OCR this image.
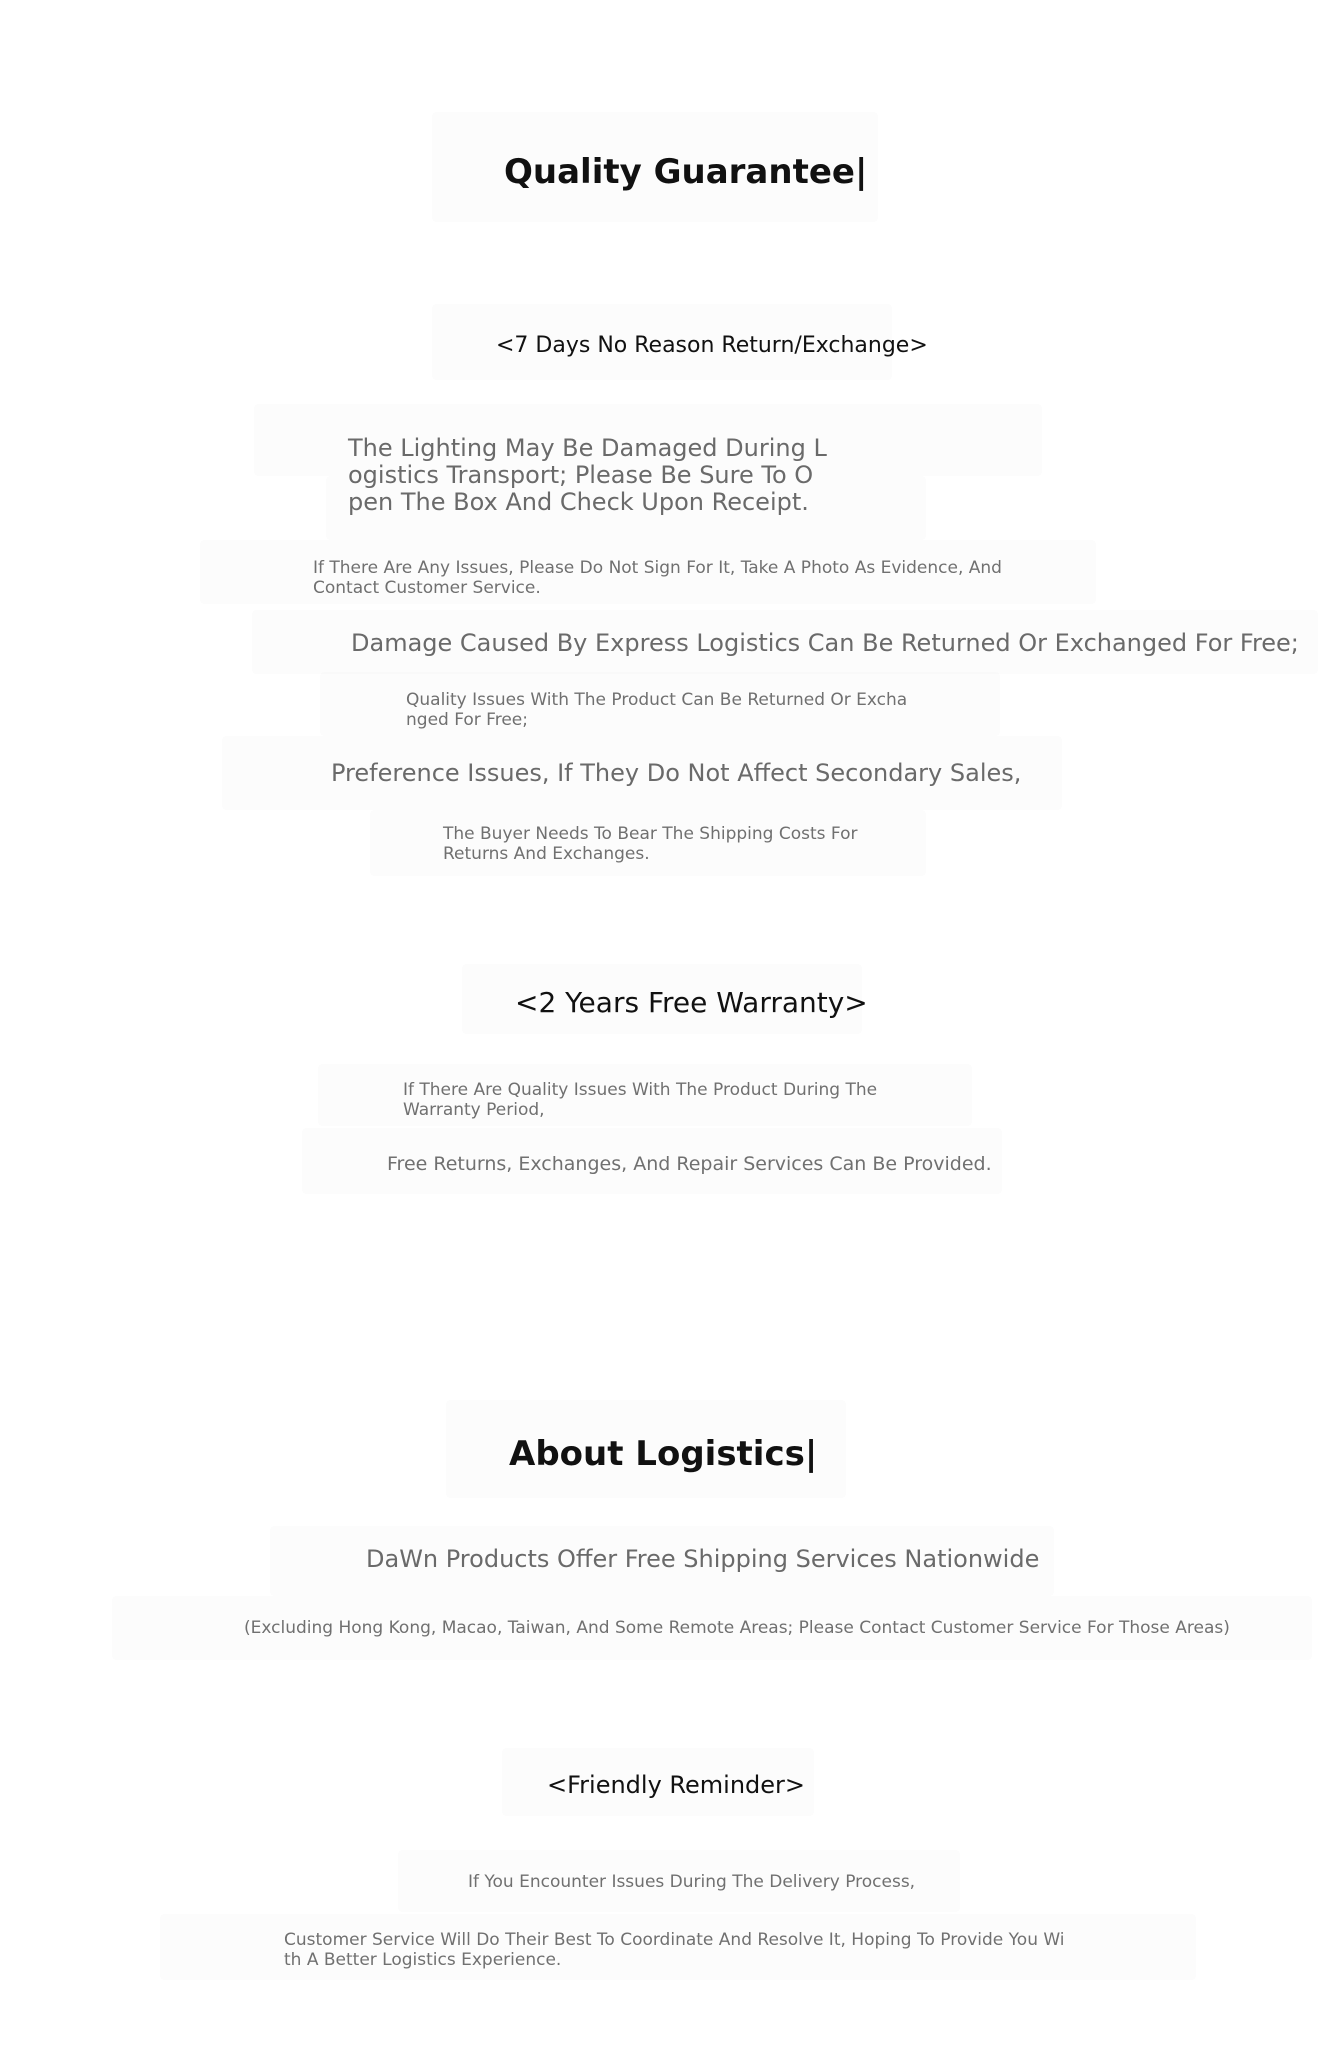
Quality Guarantee|
<7 Days No Reason Return/Exchange>

The Lighting May Be Damaged During Logistics Transport; Please Be Sure To Open The Box And Check Upon Receipt.

If There Are Any Issues, Please Do Not Sign For It, Take A Photo As Evidence, And Contact Customer Service.

Damage Caused By Express Logistics Can Be Returned Or Exchanged For Free;

Quality Issues With The Product Can Be Returned Or Exchanged For Free;

Preference Issues, If They Do Not Affect Secondary Sales,

The Buyer Needs To Bear The Shipping Costs For Returns And Exchanges.

<2 Years Free Warranty>

If There Are Quality Issues With The Product During The Warranty Period,

Free Returns, Exchanges, And Repair Services Can Be Provided.

About Logistics|

DaWn Products Offer Free Shipping Services Nationwide

(Excluding Hong Kong, Macao, Taiwan, And Some Remote Areas; Please Contact Customer Service For Those Areas)

<Friendly Reminder>

If You Encounter Issues During The Delivery Process,

Customer Service Will Do Their Best To Coordinate And Resolve It, Hoping To Provide You With A Better Logistics Experience.
